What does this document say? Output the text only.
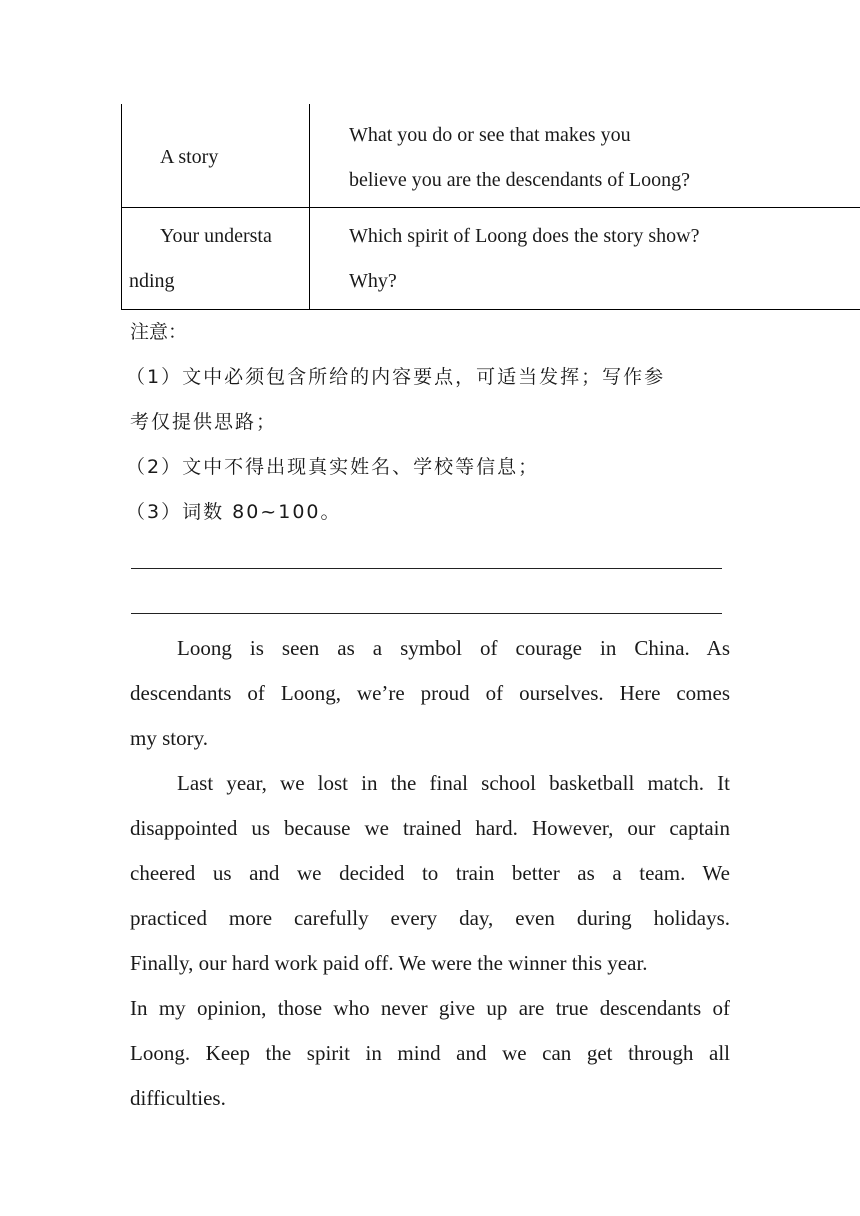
A story
What you do or see that makes you
believe you are the descendants of Loong?
Your understa
nding
Which spirit of Loong does the story show?
Why?
注意：
（1）文中必须包含所给的内容要点，可适当发挥；写作参
考仅提供思路；
（2）文中不得出现真实姓名、学校等信息；
（3）词数 80~100。
Loong is seen as a symbol of courage in China. As
descendants of Loong, we’re proud of ourselves. Here comes
my story.
Last year, we lost in the final school basketball match. It
disappointed us because we trained hard. However, our captain
cheered us and we decided to train better as a team. We
practiced more carefully every day, even during holidays.
Finally, our hard work paid off. We were the winner this year.
In my opinion, those who never give up are true descendants of
Loong. Keep the spirit in mind and we can get through all
difficulties.
